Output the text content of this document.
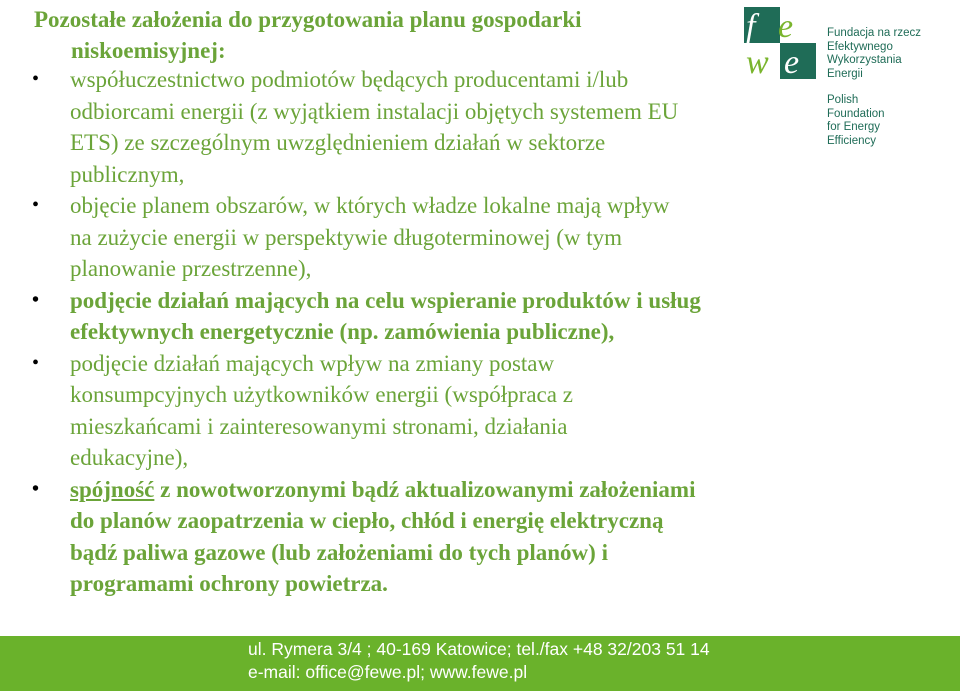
Pozostałe założenia do przygotowania planu gospodarki
niskoemisyjnej:
• współuczestnictwo podmiotów będących producentami i/lub
odbiorcami energii (z wyjątkiem instalacji objętych systemem EU
ETS) ze szczególnym uwzględnieniem działań w sektorze
publicznym,
• objęcie planem obszarów, w których władze lokalne mają wpływ
na zużycie energii w perspektywie długoterminowej (w tym
planowanie przestrzenne),
• podjęcie działań mających na celu wspieranie produktów i usług
efektywnych energetycznie (np. zamówienia publiczne),
• podjęcie działań mających wpływ na zmiany postaw
konsumpcyjnych użytkowników energii (współpraca z
mieszkańcami i zainteresowanymi stronami, działania
edukacyjne),
• spójność z nowotworzonymi bądź aktualizowanymi założeniami
do planów zaopatrzenia w ciepło, chłód i energię elektryczną
bądź paliwa gazowe (lub założeniami do tych planów) i
programami ochrony powietrza.
f e
w e
Fundacja na rzecz
Efektywnego
Wykorzystania
Energii
Polish
Foundation
for Energy
Efficiency
ul. Rymera 3/4 ; 40-169 Katowice; tel./fax +48 32/203 51 14
e-mail: office@fewe.pl; www.fewe.pl
